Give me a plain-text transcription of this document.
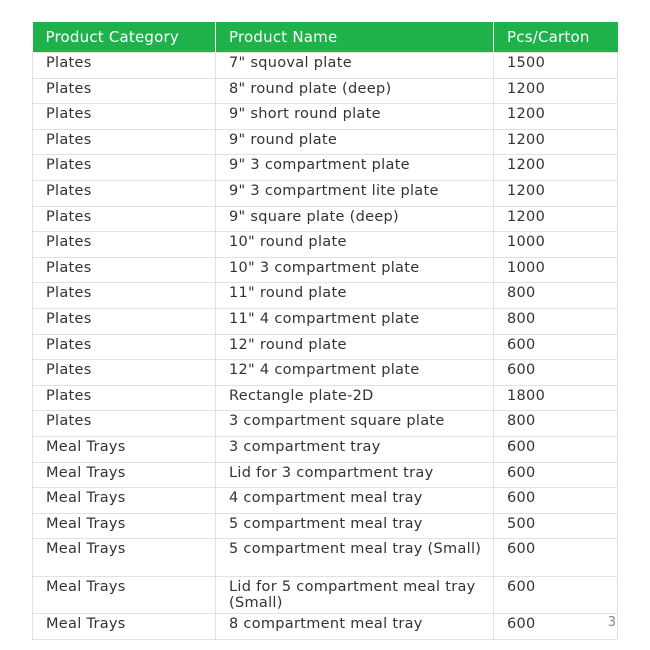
Product Category	Product Name	Pcs/Carton
Plates	7" squoval plate	1500
Plates	8" round plate (deep)	1200
Plates	9" short round plate	1200
Plates	9" round plate	1200
Plates	9" 3 compartment plate	1200
Plates	9" 3 compartment lite plate	1200
Plates	9" square plate (deep)	1200
Plates	10" round plate	1000
Plates	10" 3 compartment plate	1000
Plates	11" round plate	800
Plates	11" 4 compartment plate	800
Plates	12" round plate	600
Plates	12" 4 compartment plate	600
Plates	Rectangle plate-2D	1800
Plates	3 compartment square plate	800
Meal Trays	3 compartment tray	600
Meal Trays	Lid for 3 compartment tray	600
Meal Trays	4 compartment meal tray	600
Meal Trays	5 compartment meal tray	500
Meal Trays	5 compartment meal tray (Small)	600
Meal Trays	Lid for 5 compartment meal tray (Small)	600
Meal Trays	8 compartment meal tray	600	3
